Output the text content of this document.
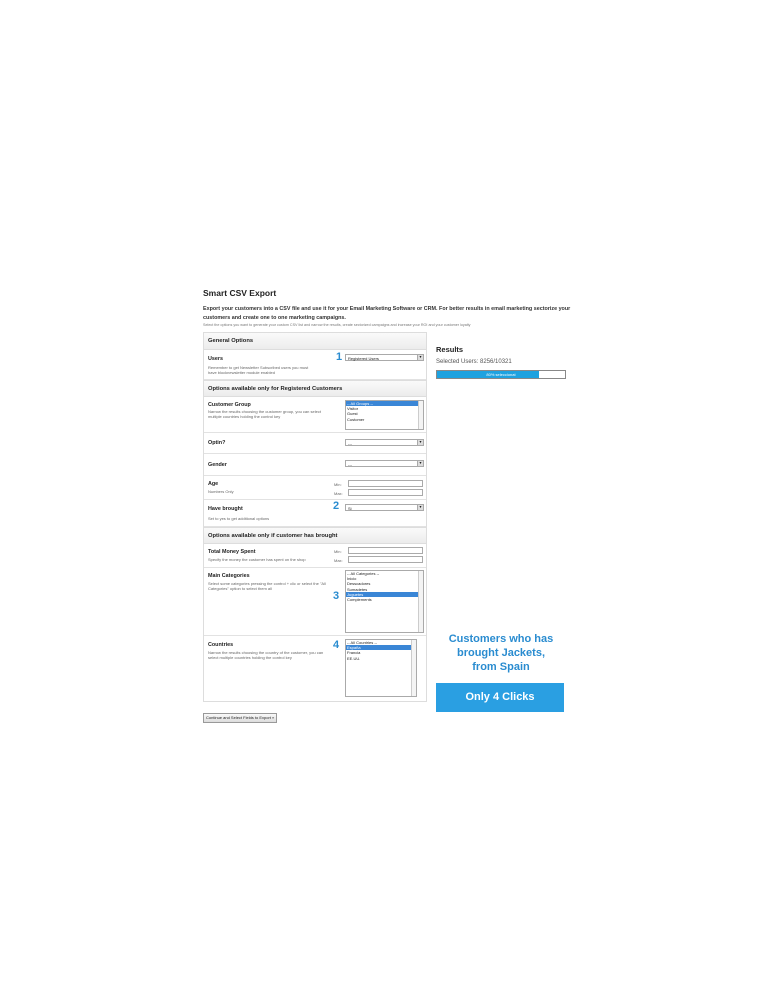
Smart CSV Export
Export your customers into a CSV file and use it for your Email Marketing Software or CRM. For better results in email marketing sectorize your customers and create one to one marketing campaigns.
Select the options you want to generate your custom CSV list and narrow the results, create sectorized campaigns and increase your ROI and your customer loyalty
General Options
Users
Remember to get Newsletter Subscribed users you must have blocknewsletter module enabled
1	Registered Users	▼
Options available only for Registered Customers
Customer Group
Narrow the results choosing the customer group, you can select multiple countries holding the control key
-- All Groups --
Visitor
Guest
Customer
Optin?	---	▼
Gender	---	▼
Age
Numbers Only
Min:
Max:
Have brought
Set to yes to get additional options
2	Si	▼
Options available only if customer has brought
Total Money Spent
Specify the money the customer has spent on the shop
Min:
Max:
Main Categories
Select some categories pressing the control + clic or select the "All Categories" option to select them all
3
-- All Categories --
Inicio
Desscadores
Sumadetes
Juguetes
Complements
Countries
Narrow the results choosing the country of the customer, you can select multiple countries holding the control key
4 -- All Countries --
España
Francia
EE.UU.
Continue and Select Fields to Export »
Results
Selected Users: 8256/10321
80% seleccionat
Customers who has
brought Jackets,
from Spain
Only 4 Clicks
